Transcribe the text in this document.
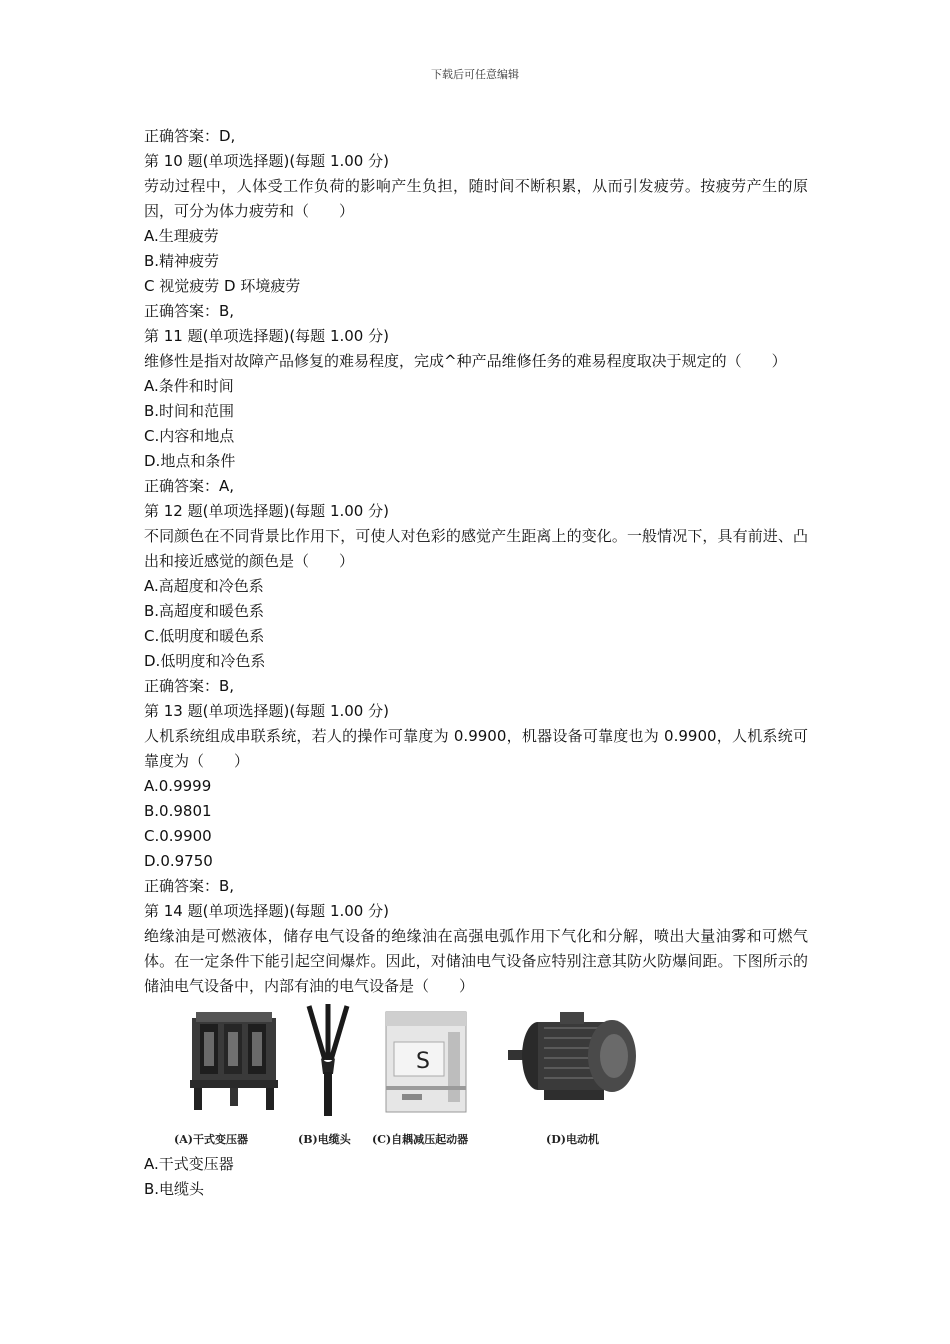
下载后可任意编辑
正确答案：D,
第 10 题(单项选择题)(每题 1.00 分)
劳动过程中，人体受工作负荷的影响产生负担，随时间不断积累，从而引发疲劳。按疲劳产生的原因，可分为体力疲劳和（　　）
A.生理疲劳
B.精神疲劳
C 视觉疲劳 D 环境疲劳
正确答案：B,
第 11 题(单项选择题)(每题 1.00 分)
维修性是指对故障产品修复的难易程度，完成^种产品维修任务的难易程度取决于规定的（　　）
A.条件和时间
B.时间和范围
C.内容和地点
D.地点和条件
正确答案：A,
第 12 题(单项选择题)(每题 1.00 分)
不同颜色在不同背景比作用下，可使人对色彩的感觉产生距离上的变化。一般情况下，具有前进、凸出和接近感觉的颜色是（　　）
A.高超度和冷色系
B.高超度和暖色系
C.低明度和暖色系
D.低明度和冷色系
正确答案：B,
第 13 题(单项选择题)(每题 1.00 分)
人机系统组成串联系统，若人的操作可靠度为 0.9900，机器设备可靠度也为 0.9900，人机系统可靠度为（　　）
A.0.9999
B.0.9801
C.0.9900
D.0.9750
正确答案：B,
第 14 题(单项选择题)(每题 1.00 分)
绝缘油是可燃液体，储存电气设备的绝缘油在高强电弧作用下气化和分解，喷出大量油雾和可燃气体。在一定条件下能引起空间爆炸。因此，对储油电气设备应特别注意其防火防爆间距。下图所示的储油电气设备中，内部有油的电气设备是（　　）
(A)干式变压器	(B)电缆头
S
(C)自耦减压起动器	(D)电动机
A.干式变压器
B.电缆头
